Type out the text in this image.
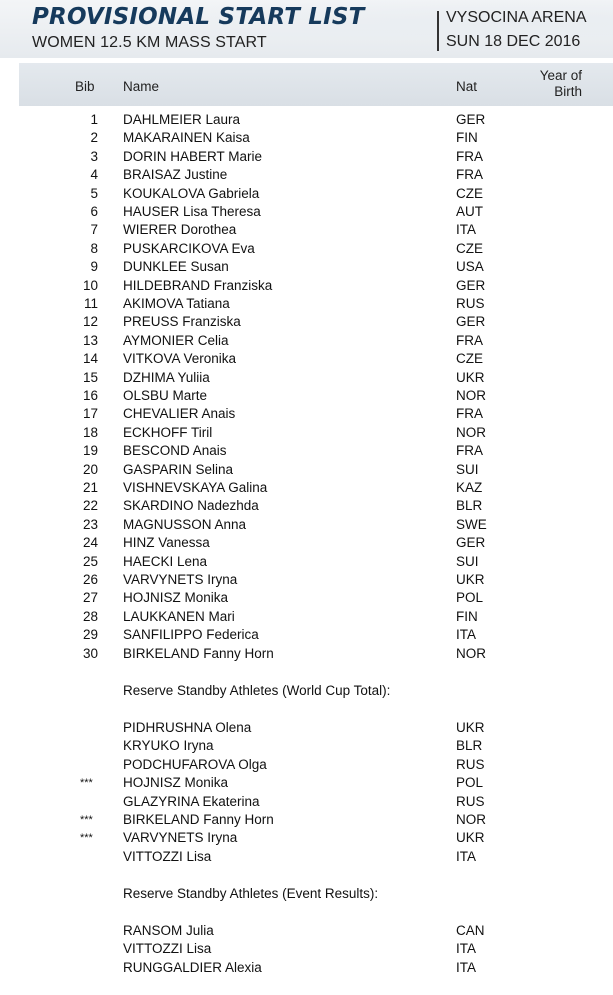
PROVISIONAL START LIST
WOMEN 12.5 KM MASS START
VYSOCINA ARENA
SUN 18 DEC 2016
Bib Name	Nat
Year of
Birth
1 DAHLMEIER Laura	GER
2 MAKARAINEN Kaisa	FIN
3 DORIN HABERT Marie	FRA
4 BRAISAZ Justine	FRA
5 KOUKALOVA Gabriela	CZE
6 HAUSER Lisa Theresa	AUT
7 WIERER Dorothea	ITA
8 PUSKARCIKOVA Eva	CZE
9 DUNKLEE Susan	USA
10 HILDEBRAND Franziska	GER
11 AKIMOVA Tatiana	RUS
12 PREUSS Franziska	GER
13 AYMONIER Celia	FRA
14 VITKOVA Veronika	CZE
15 DZHIMA Yuliia	UKR
16 OLSBU Marte	NOR
17 CHEVALIER Anais	FRA
18 ECKHOFF Tiril	NOR
19 BESCOND Anais	FRA
20 GASPARIN Selina	SUI
21 VISHNEVSKAYA Galina	KAZ
22 SKARDINO Nadezhda	BLR
23 MAGNUSSON Anna	SWE
24 HINZ Vanessa	GER
25 HAECKI Lena	SUI
26 VARVYNETS Iryna	UKR
27 HOJNISZ Monika	POL
28 LAUKKANEN Mari	FIN
29 SANFILIPPO Federica	ITA
30 BIRKELAND Fanny Horn	NOR
Reserve Standby Athletes (World Cup Total):
PIDHRUSHNA Olena	UKR
KRYUKO Iryna	BLR
PODCHUFAROVA Olga	RUS
*** HOJNISZ Monika	POL
GLAZYRINA Ekaterina	RUS
*** BIRKELAND Fanny Horn	NOR
*** VARVYNETS Iryna	UKR
VITTOZZI Lisa	ITA
Reserve Standby Athletes (Event Results):
RANSOM Julia	CAN
VITTOZZI Lisa	ITA
RUNGGALDIER Alexia	ITA
